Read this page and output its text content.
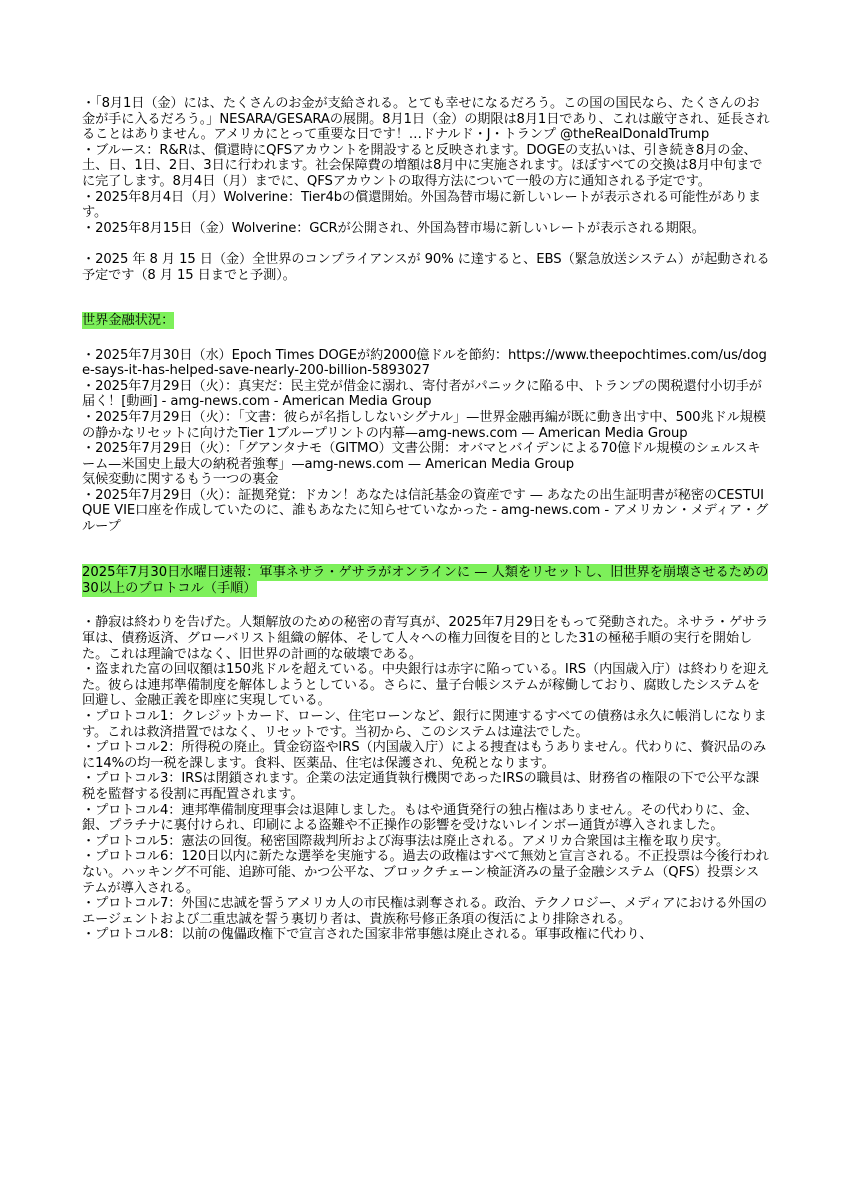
・「8月1日（金）には、たくさんのお金が支給される。とても幸せになるだろう。この国の国民なら、たくさんのお金が手に入るだろう。」NESARA/GESARAの展開。8月1日（金）の期限は8月1日であり、これは厳守され、延長されることはありません。アメリカにとって重要な日です！…ドナルド・J・トランプ @theRealDonaldTrump

・ブルース：R&Rは、償還時にQFSアカウントを開設すると反映されます。DOGEの支払いは、引き続き8月の金、土、日、1日、2日、3日に行われます。社会保障費の増額は8月中に実施されます。ほぼすべての交換は8月中旬までに完了します。8月4日（月）までに、QFSアカウントの取得方法について一般の方に通知される予定です。

・2025年8月4日（月）Wolverine：Tier4bの償還開始。外国為替市場に新しいレートが表示される可能性があります。

・2025年8月15日（金）Wolverine：GCRが公開され、外国為替市場に新しいレートが表示される期限。

・2025 年 8 月 15 日（金）全世界のコンプライアンスが 90% に達すると、EBS（緊急放送システム）が起動される予定です（8 月 15 日までと予測）。

世界金融状況：

・2025年7月30日（水）Epoch Times DOGEが約2000億ドルを節約：https://www.theepochtimes.com/us/doge-says-it-has-helped-save-nearly-200-billion-5893027

・2025年7月29日（火）：真実だ：民主党が借金に溺れ、寄付者がパニックに陥る中、トランプの関税還付小切手が届く！[動画] - amg-news.com - American Media Group

・2025年7月29日（火）：「文書：彼らが名指ししないシグナル」—世界金融再編が既に動き出す中、500兆ドル規模の静かなリセットに向けたTier 1ブループリントの内幕—amg-news.com — American Media Group

・2025年7月29日（火）：「グアンタナモ（GITMO）文書公開：オバマとバイデンによる70億ドル規模のシェルスキーム—米国史上最大の納税者強奪」—amg-news.com — American Media Group

気候変動に関するもう一つの裏金

・2025年7月29日（火）：証拠発覚：ドカン！あなたは信託基金の資産です — あなたの出生証明書が秘密のCESTUI QUE VIE口座を作成していたのに、誰もあなたに知らせていなかった - amg-news.com - アメリカン・メディア・グループ

2025年7月30日水曜日速報：軍事ネサラ・ゲサラがオンラインに — 人類をリセットし、旧世界を崩壊させるための30以上のプロトコル（手順）

・静寂は終わりを告げた。人類解放のための秘密の青写真が、2025年7月29日をもって発動された。ネサラ・ゲサラ軍は、債務返済、グローバリスト組織の解体、そして人々への権力回復を目的とした31の極秘手順の実行を開始した。これは理論ではなく、旧世界の計画的な破壊である。

・盗まれた富の回収額は150兆ドルを超えている。中央銀行は赤字に陥っている。IRS（内国歳入庁）は終わりを迎えた。彼らは連邦準備制度を解体しようとしている。さらに、量子台帳システムが稼働しており、腐敗したシステムを回避し、金融正義を即座に実現している。

・プロトコル1：クレジットカード、ローン、住宅ローンなど、銀行に関連するすべての債務は永久に帳消しになります。これは救済措置ではなく、リセットです。当初から、このシステムは違法でした。

・プロトコル2：所得税の廃止。賃金窃盗やIRS（内国歳入庁）による捜査はもうありません。代わりに、贅沢品のみに14%の均一税を課します。食料、医薬品、住宅は保護され、免税となります。

・プロトコル3：IRSは閉鎖されます。企業の法定通貨執行機関であったIRSの職員は、財務省の権限の下で公平な課税を監督する役割に再配置されます。

・プロトコル4：連邦準備制度理事会は退陣しました。もはや通貨発行の独占権はありません。その代わりに、金、銀、プラチナに裏付けられ、印刷による盗難や不正操作の影響を受けないレインボー通貨が導入されました。

・プロトコル5：憲法の回復。秘密国際裁判所および海事法は廃止される。アメリカ合衆国は主権を取り戻す。

・プロトコル6：120日以内に新たな選挙を実施する。過去の政権はすべて無効と宣言される。不正投票は今後行われない。ハッキング不可能、追跡可能、かつ公平な、ブロックチェーン検証済みの量子金融システム（QFS）投票システムが導入される。

・プロトコル7：外国に忠誠を誓うアメリカ人の市民権は剥奪される。政治、テクノロジー、メディアにおける外国のエージェントおよび二重忠誠を誓う裏切り者は、貴族称号修正条項の復活により排除される。

・プロトコル8：以前の傀儡政権下で宣言された国家非常事態は廃止される。軍事政権に代わり、
